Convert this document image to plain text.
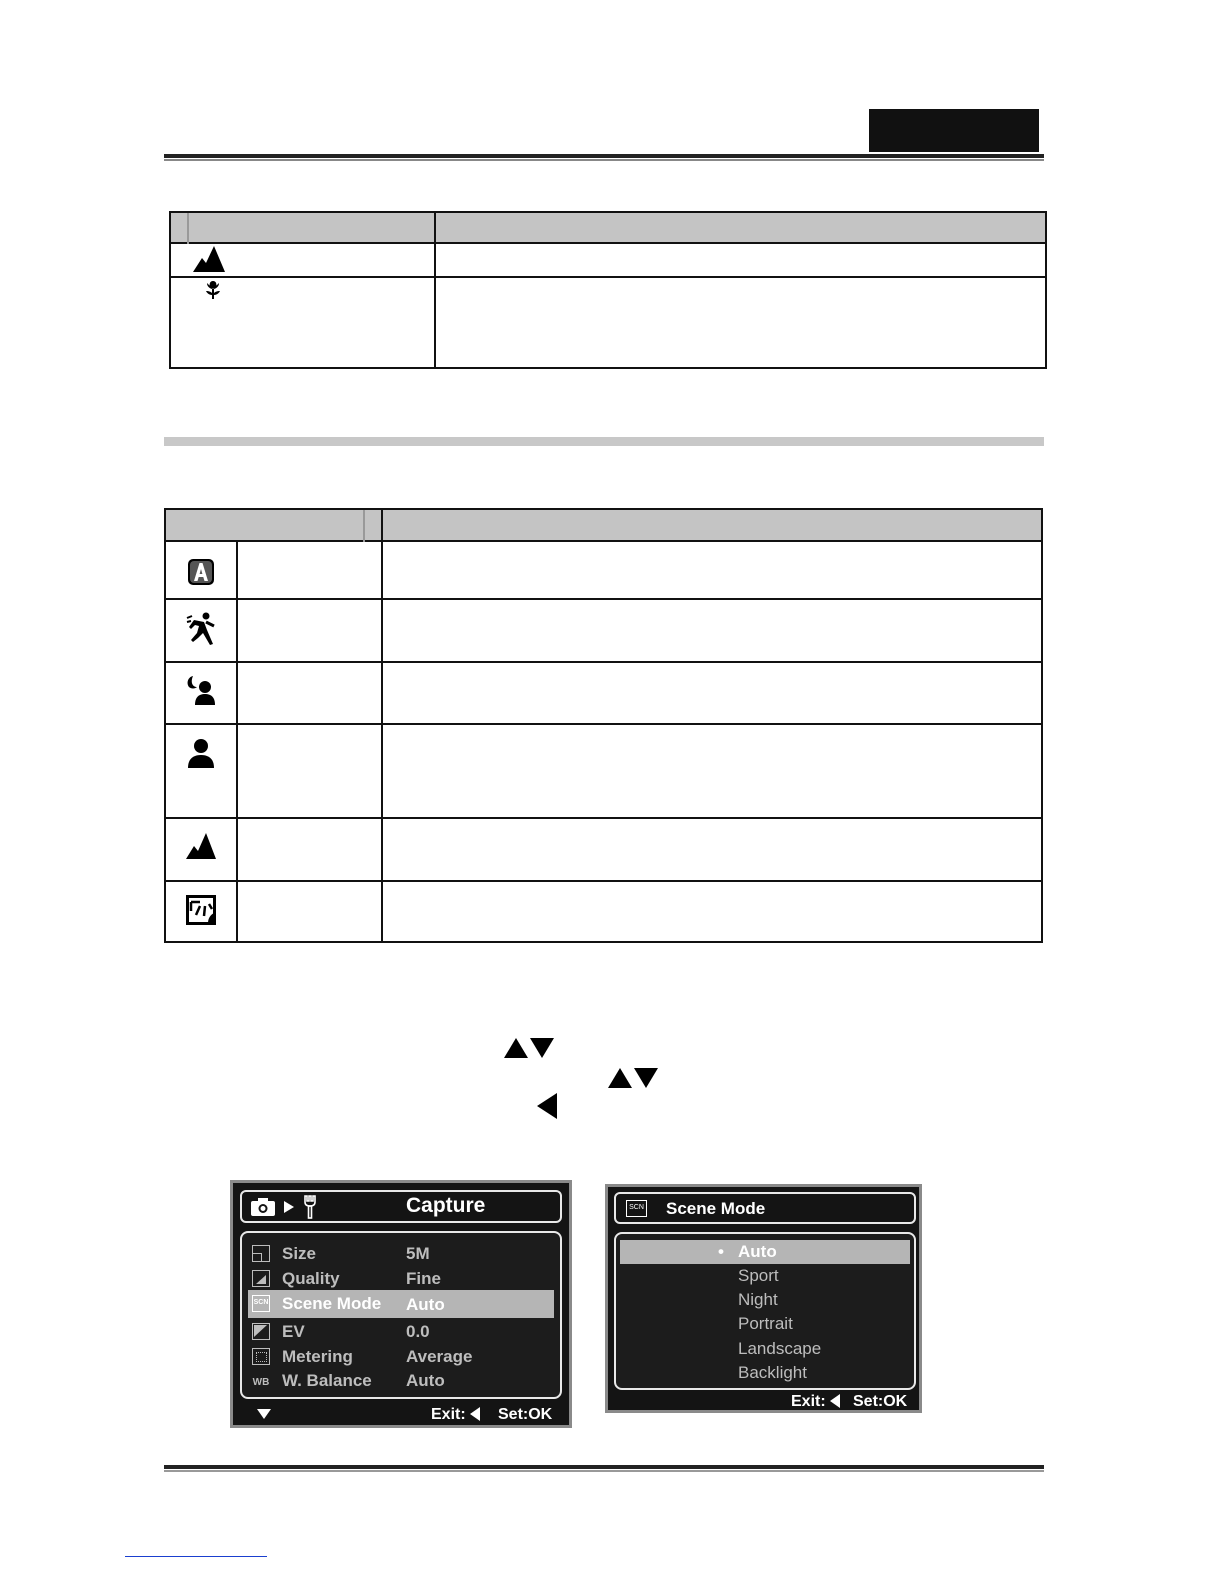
Capture
Size	5M
Quality	Fine
SCN Scene Mode Auto
EV	0.0
Metering	Average
WB W. Balance Auto
Exit:	Set:OK
SCN Scene Mode
• Auto
Sport
Night
Portrait
Landscape
Backlight
Exit:	Set:OK
